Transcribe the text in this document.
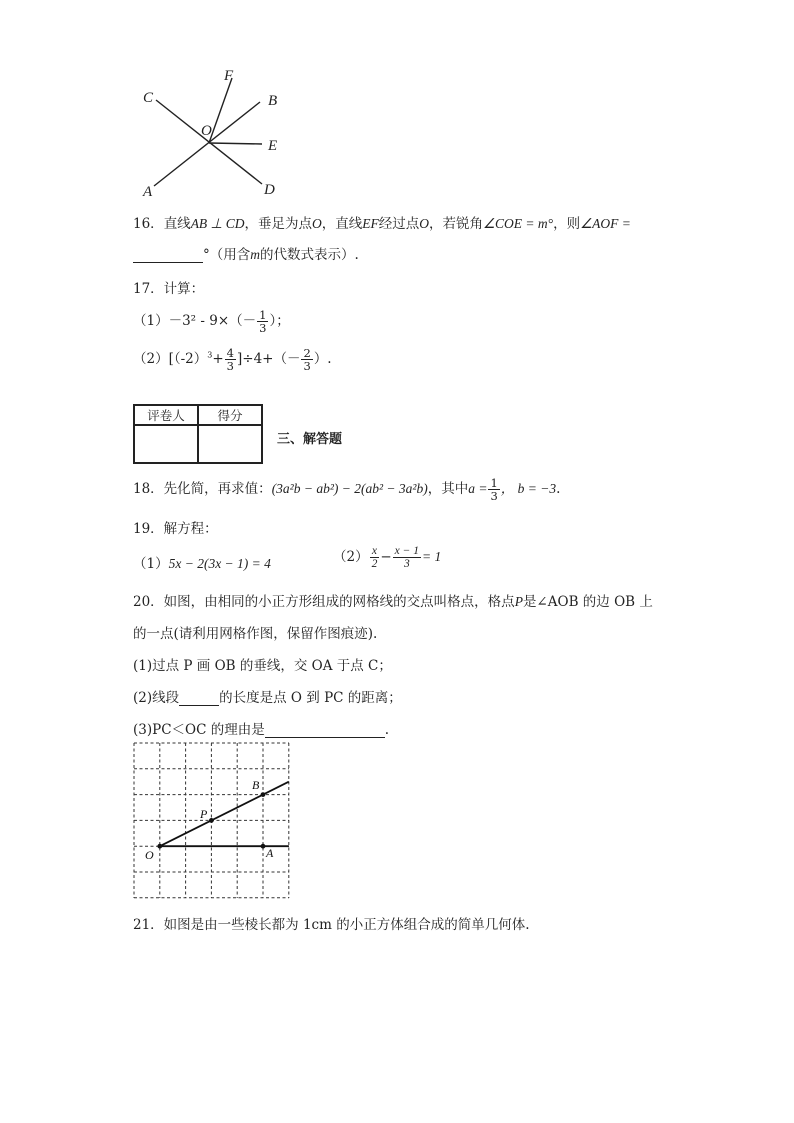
C
F
B
O
E
A	D
16．直线AB ⊥ CD，垂足为点O，直线EF经过点O，若锐角∠COE = m°，则∠AOF =
°（用含m的代数式表示）.
17．计算：
$(1)-3^2 - 9\times(- \frac{1}{3}$ ）；
$(2)[(-2)^3+ \frac{4}{3} ]\div 4+(- \frac{2}{3}$ ）.
评卷人	得分

三、解答题
18．先化简，再求值：(3a²b − ab²) − 2(ab² − 3a²b)，其中$a = \frac{1}{3}$ ， b = −3.
19．解方程：
（1）5x − 2(3x − 1) = 4	$(2) \frac{x}{2} - \frac{x - 1}{3} = 1$
20．如图，由相同的小正方形组成的网格线的交点叫格点，格点P是∠AOB 的边 OB 上
的一点(请利用网格作图，保留作图痕迹).
(1)过点 P 画 OB 的垂线，交 OA 于点 C；
(2)线段	的长度是点 O 到 PC 的距离；
(3)PC＜OC 的理由是	.
O
P
B
A
21．如图是由一些棱长都为 1cm 的小正方体组合成的简单几何体.
